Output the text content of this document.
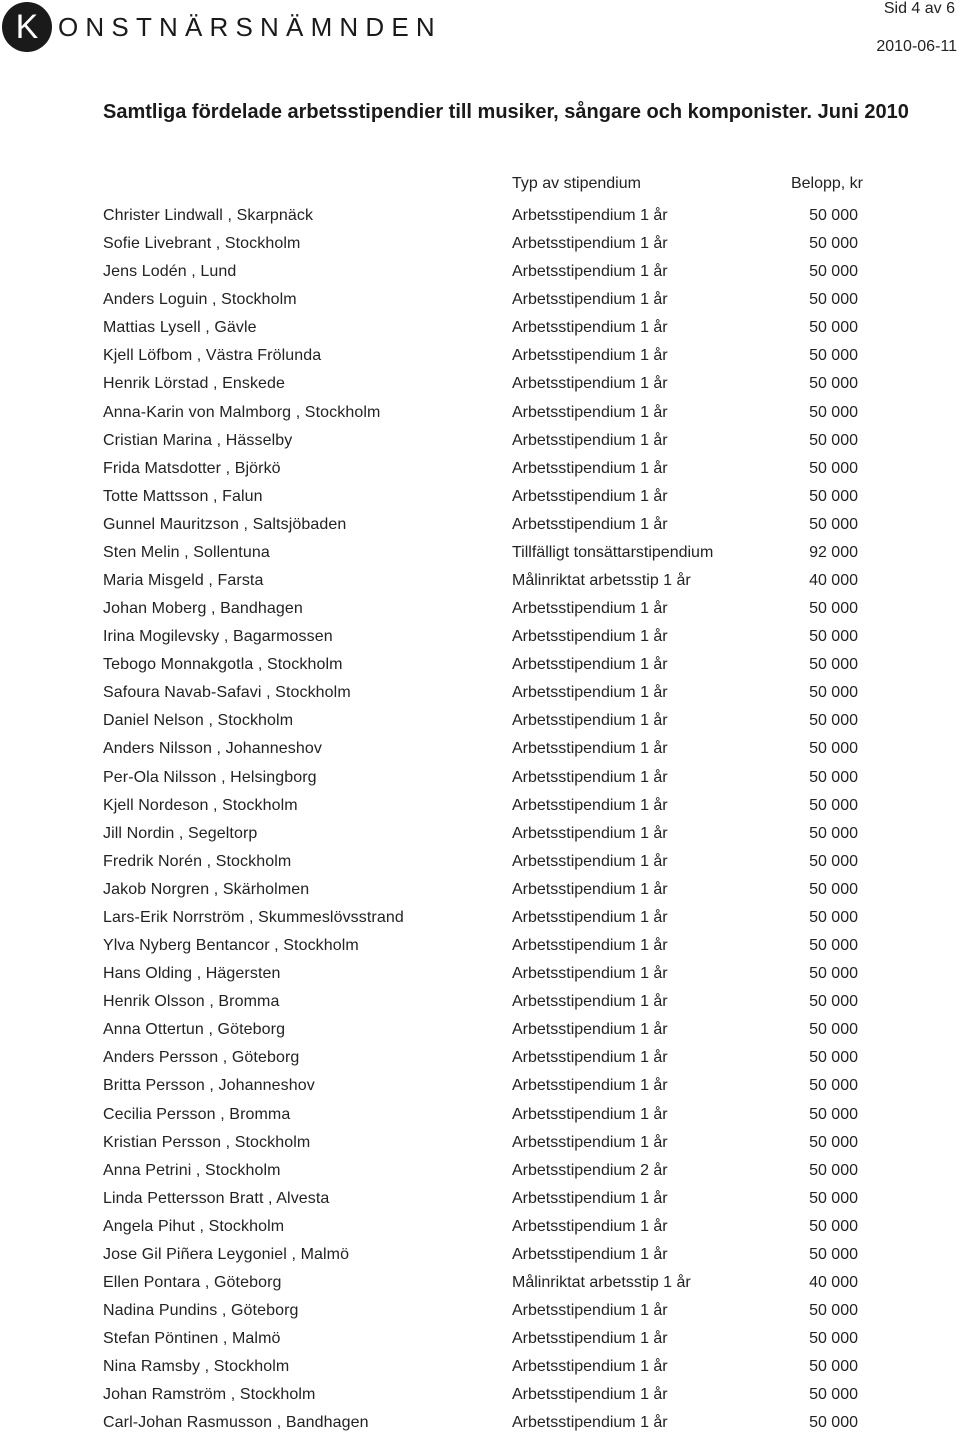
K ONSTNÄRSNÄMNDEN
Sid 4 av 6
2010-06-11
Samtliga fördelade arbetsstipendier till musiker, sångare och komponister. Juni 2010
Typ av stipendium	Belopp, kr
Christer Lindwall , Skarpnäck	Arbetsstipendium 1 år	50 000
Sofie Livebrant , Stockholm	Arbetsstipendium 1 år	50 000
Jens Lodén , Lund	Arbetsstipendium 1 år	50 000
Anders Loguin , Stockholm	Arbetsstipendium 1 år	50 000
Mattias Lysell , Gävle	Arbetsstipendium 1 år	50 000
Kjell Löfbom , Västra Frölunda	Arbetsstipendium 1 år	50 000
Henrik Lörstad , Enskede	Arbetsstipendium 1 år	50 000
Anna-Karin von Malmborg , Stockholm	Arbetsstipendium 1 år	50 000
Cristian Marina , Hässelby	Arbetsstipendium 1 år	50 000
Frida Matsdotter , Björkö	Arbetsstipendium 1 år	50 000
Totte Mattsson , Falun	Arbetsstipendium 1 år	50 000
Gunnel Mauritzson , Saltsjöbaden	Arbetsstipendium 1 år	50 000
Sten Melin , Sollentuna	Tillfälligt tonsättarstipendium	92 000
Maria Misgeld , Farsta	Målinriktat arbetsstip 1 år	40 000
Johan Moberg , Bandhagen	Arbetsstipendium 1 år	50 000
Irina Mogilevsky , Bagarmossen	Arbetsstipendium 1 år	50 000
Tebogo Monnakgotla , Stockholm	Arbetsstipendium 1 år	50 000
Safoura Navab-Safavi , Stockholm	Arbetsstipendium 1 år	50 000
Daniel Nelson , Stockholm	Arbetsstipendium 1 år	50 000
Anders Nilsson , Johanneshov	Arbetsstipendium 1 år	50 000
Per-Ola Nilsson , Helsingborg	Arbetsstipendium 1 år	50 000
Kjell Nordeson , Stockholm	Arbetsstipendium 1 år	50 000
Jill Nordin , Segeltorp	Arbetsstipendium 1 år	50 000
Fredrik Norén , Stockholm	Arbetsstipendium 1 år	50 000
Jakob Norgren , Skärholmen	Arbetsstipendium 1 år	50 000
Lars-Erik Norrström , Skummeslövsstrand	Arbetsstipendium 1 år	50 000
Ylva Nyberg Bentancor , Stockholm	Arbetsstipendium 1 år	50 000
Hans Olding , Hägersten	Arbetsstipendium 1 år	50 000
Henrik Olsson , Bromma	Arbetsstipendium 1 år	50 000
Anna Ottertun , Göteborg	Arbetsstipendium 1 år	50 000
Anders Persson , Göteborg	Arbetsstipendium 1 år	50 000
Britta Persson , Johanneshov	Arbetsstipendium 1 år	50 000
Cecilia Persson , Bromma	Arbetsstipendium 1 år	50 000
Kristian Persson , Stockholm	Arbetsstipendium 1 år	50 000
Anna Petrini , Stockholm	Arbetsstipendium 2 år	50 000
Linda Pettersson Bratt , Alvesta	Arbetsstipendium 1 år	50 000
Angela Pihut , Stockholm	Arbetsstipendium 1 år	50 000
Jose Gil Piñera Leygoniel , Malmö	Arbetsstipendium 1 år	50 000
Ellen Pontara , Göteborg	Målinriktat arbetsstip 1 år	40 000
Nadina Pundins , Göteborg	Arbetsstipendium 1 år	50 000
Stefan Pöntinen , Malmö	Arbetsstipendium 1 år	50 000
Nina Ramsby , Stockholm	Arbetsstipendium 1 år	50 000
Johan Ramström , Stockholm	Arbetsstipendium 1 år	50 000
Carl-Johan Rasmusson , Bandhagen	Arbetsstipendium 1 år	50 000
